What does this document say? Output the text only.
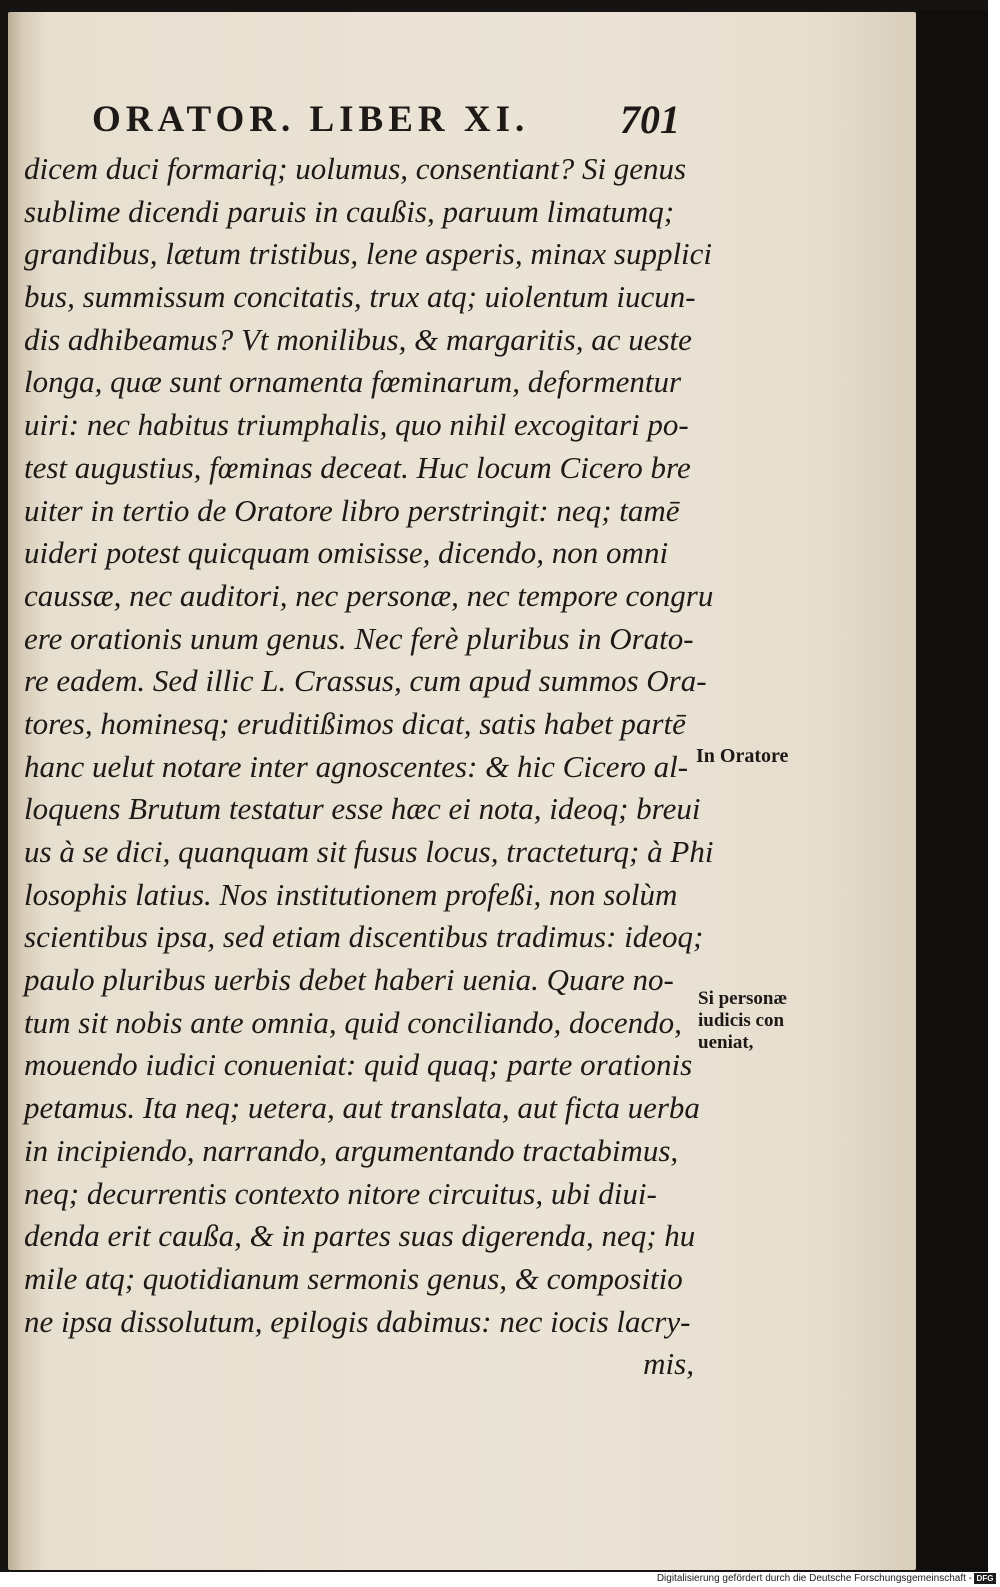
ORATOR. LIBER XI. 701
dicem duci formariq; uolumus, consentiant? Si genus
sublime dicendi paruis in caußis, paruum limatumq;
grandibus, lætum tristibus, lene asperis, minax supplici
bus, summissum concitatis, trux atq; uiolentum iucun-
dis adhibeamus? Vt monilibus, & margaritis, ac ueste
longa, quæ sunt ornamenta fœminarum, deformentur
uiri: nec habitus triumphalis, quo nihil excogitari po-
test augustius, fœminas deceat. Huc locum Cicero bre
uiter in tertio de Oratore libro perstringit: neq; tamē
uideri potest quicquam omisisse, dicendo, non omni
caussæ, nec auditori, nec personæ, nec tempore congru
ere orationis unum genus. Nec ferè pluribus in Orato-
re eadem. Sed illic L. Crassus, cum apud summos Ora-
tores, hominesq; eruditißimos dicat, satis habet partē
hanc uelut notare inter agnoscentes: & hic Cicero al-
loquens Brutum testatur esse hæc ei nota, ideoq; breui
us à se dici, quanquam sit fusus locus, tracteturq; à Phi
losophis latius. Nos institutionem profeßi, non solùm
scientibus ipsa, sed etiam discentibus tradimus: ideoq;
paulo pluribus uerbis debet haberi uenia. Quare no-
tum sit nobis ante omnia, quid conciliando, docendo,
mouendo iudici conueniat: quid quaq; parte orationis
petamus. Ita neq; uetera, aut translata, aut ficta uerba
in incipiendo, narrando, argumentando tractabimus,
neq; decurrentis contexto nitore circuitus, ubi diui-
denda erit caußa, & in partes suas digerenda, neq; hu
mile atq; quotidianum sermonis genus, & compositio
ne ipsa dissolutum, epilogis dabimus: nec iocis lacry-
mis,
In Oratore
Si personæ
iudicis con
ueniat,
Digitalisierung gefördert durch die Deutsche Forschungsgemeinschaft - DFG
